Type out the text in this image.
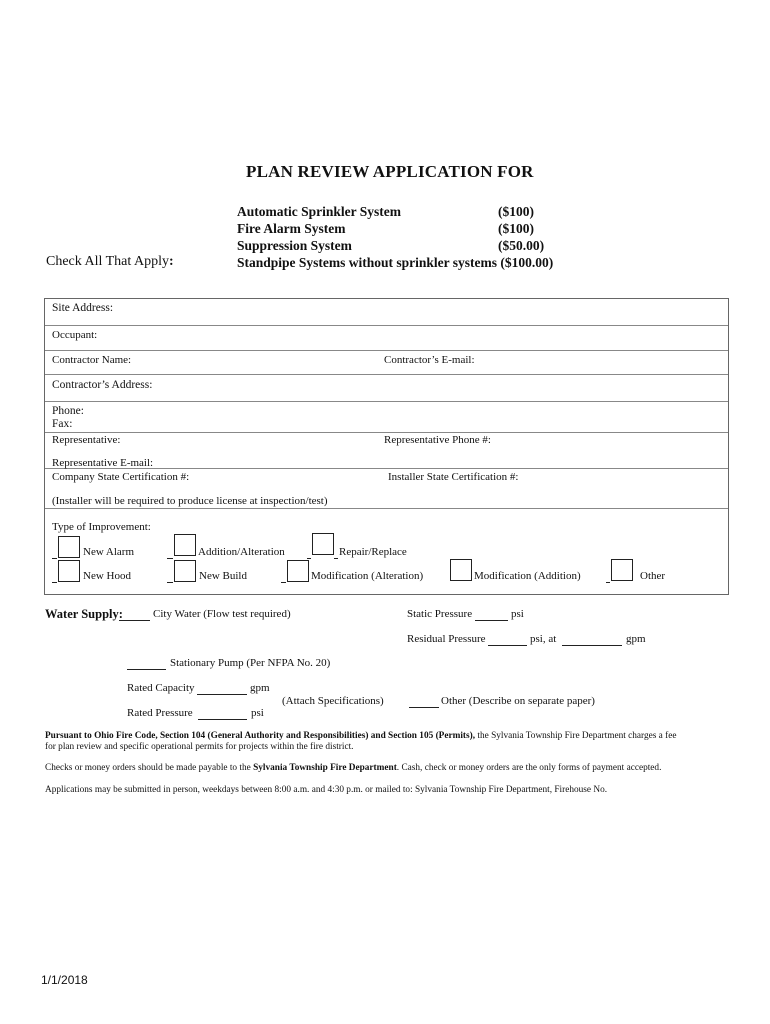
PLAN REVIEW APPLICATION FOR
Automatic Sprinkler System	($100)
Fire Alarm System	($100)
Suppression System	($50.00)
Standpipe Systems without sprinkler systems ($100.00)
Check All That Apply:
Site Address:
Occupant:
Contractor Name:	Contractor’s E-mail:
Contractor’s Address:
Phone:
Fax:
Representative:	Representative Phone #:
Representative E-mail:
Company State Certification #:	Installer State Certification #:
(Installer will be required to produce license at inspection/test)
Type of Improvement:
New Alarm	Addition/Alteration	Repair/Replace
New Hood	New Build	Modification (Alteration)	Modification (Addition)	Other
Water Supply:	City Water (Flow test required)	Static Pressure	psi
Residual Pressure	psi, at	gpm
Stationary Pump (Per NFPA No. 20)
Rated Capacity	gpm
(Attach Specifications)	Other (Describe on separate paper)
Rated Pressure	psi
Pursuant to Ohio Fire Code, Section 104 (General Authority and Responsibilities) and Section 105 (Permits), the Sylvania Township Fire Department charges a fee
for plan review and specific operational permits for projects within the fire district.
Checks or money orders should be made payable to the Sylvania Township Fire Department. Cash, check or money orders are the only forms of payment accepted.
Applications may be submitted in person, weekdays between 8:00 a.m. and 4:30 p.m. or mailed to: Sylvania Township Fire Department, Firehouse No.
1/1/2018
